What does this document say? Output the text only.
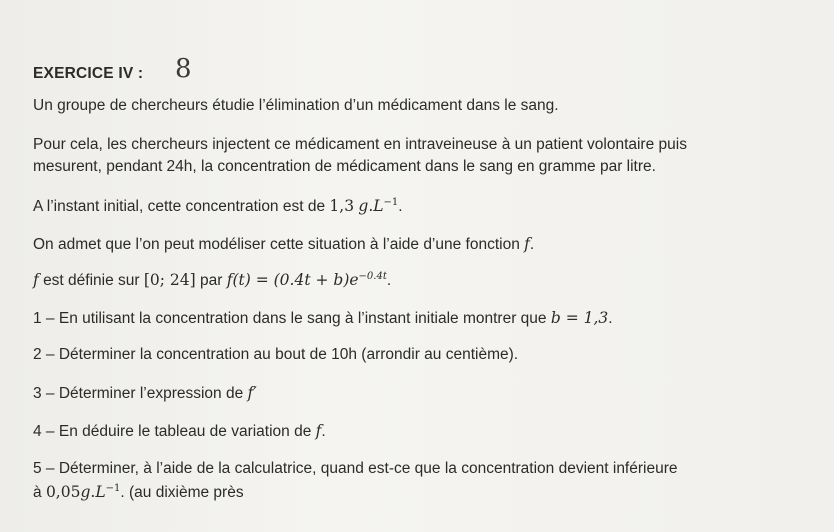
EXERCICE IV : 8
Un groupe de chercheurs étudie l’élimination d’un médicament dans le sang.
Pour cela, les chercheurs injectent ce médicament en intraveineuse à un patient volontaire puis
mesurent, pendant 24h, la concentration de médicament dans le sang en gramme par litre.
A l’instant initial, cette concentration est de 1,3 $g.L^{-1}$.
On admet que l’on peut modéliser cette situation à l’aide d’une fonction f.
f est définie sur [0; 24] par $f(t) = (0.4t + b)e^{-0.4t}$.
1 – En utilisant la concentration dans le sang à l’instant initiale montrer que b = 1,3.
2 – Déterminer la concentration au bout de 10h (arrondir au centième).
3 – Déterminer l’expression de f′
4 – En déduire le tableau de variation de f.
5 – Déterminer, à l’aide de la calculatrice, quand est-ce que la concentration devient inférieure
à $0,05g.L^{-1}$. (au dixième près
